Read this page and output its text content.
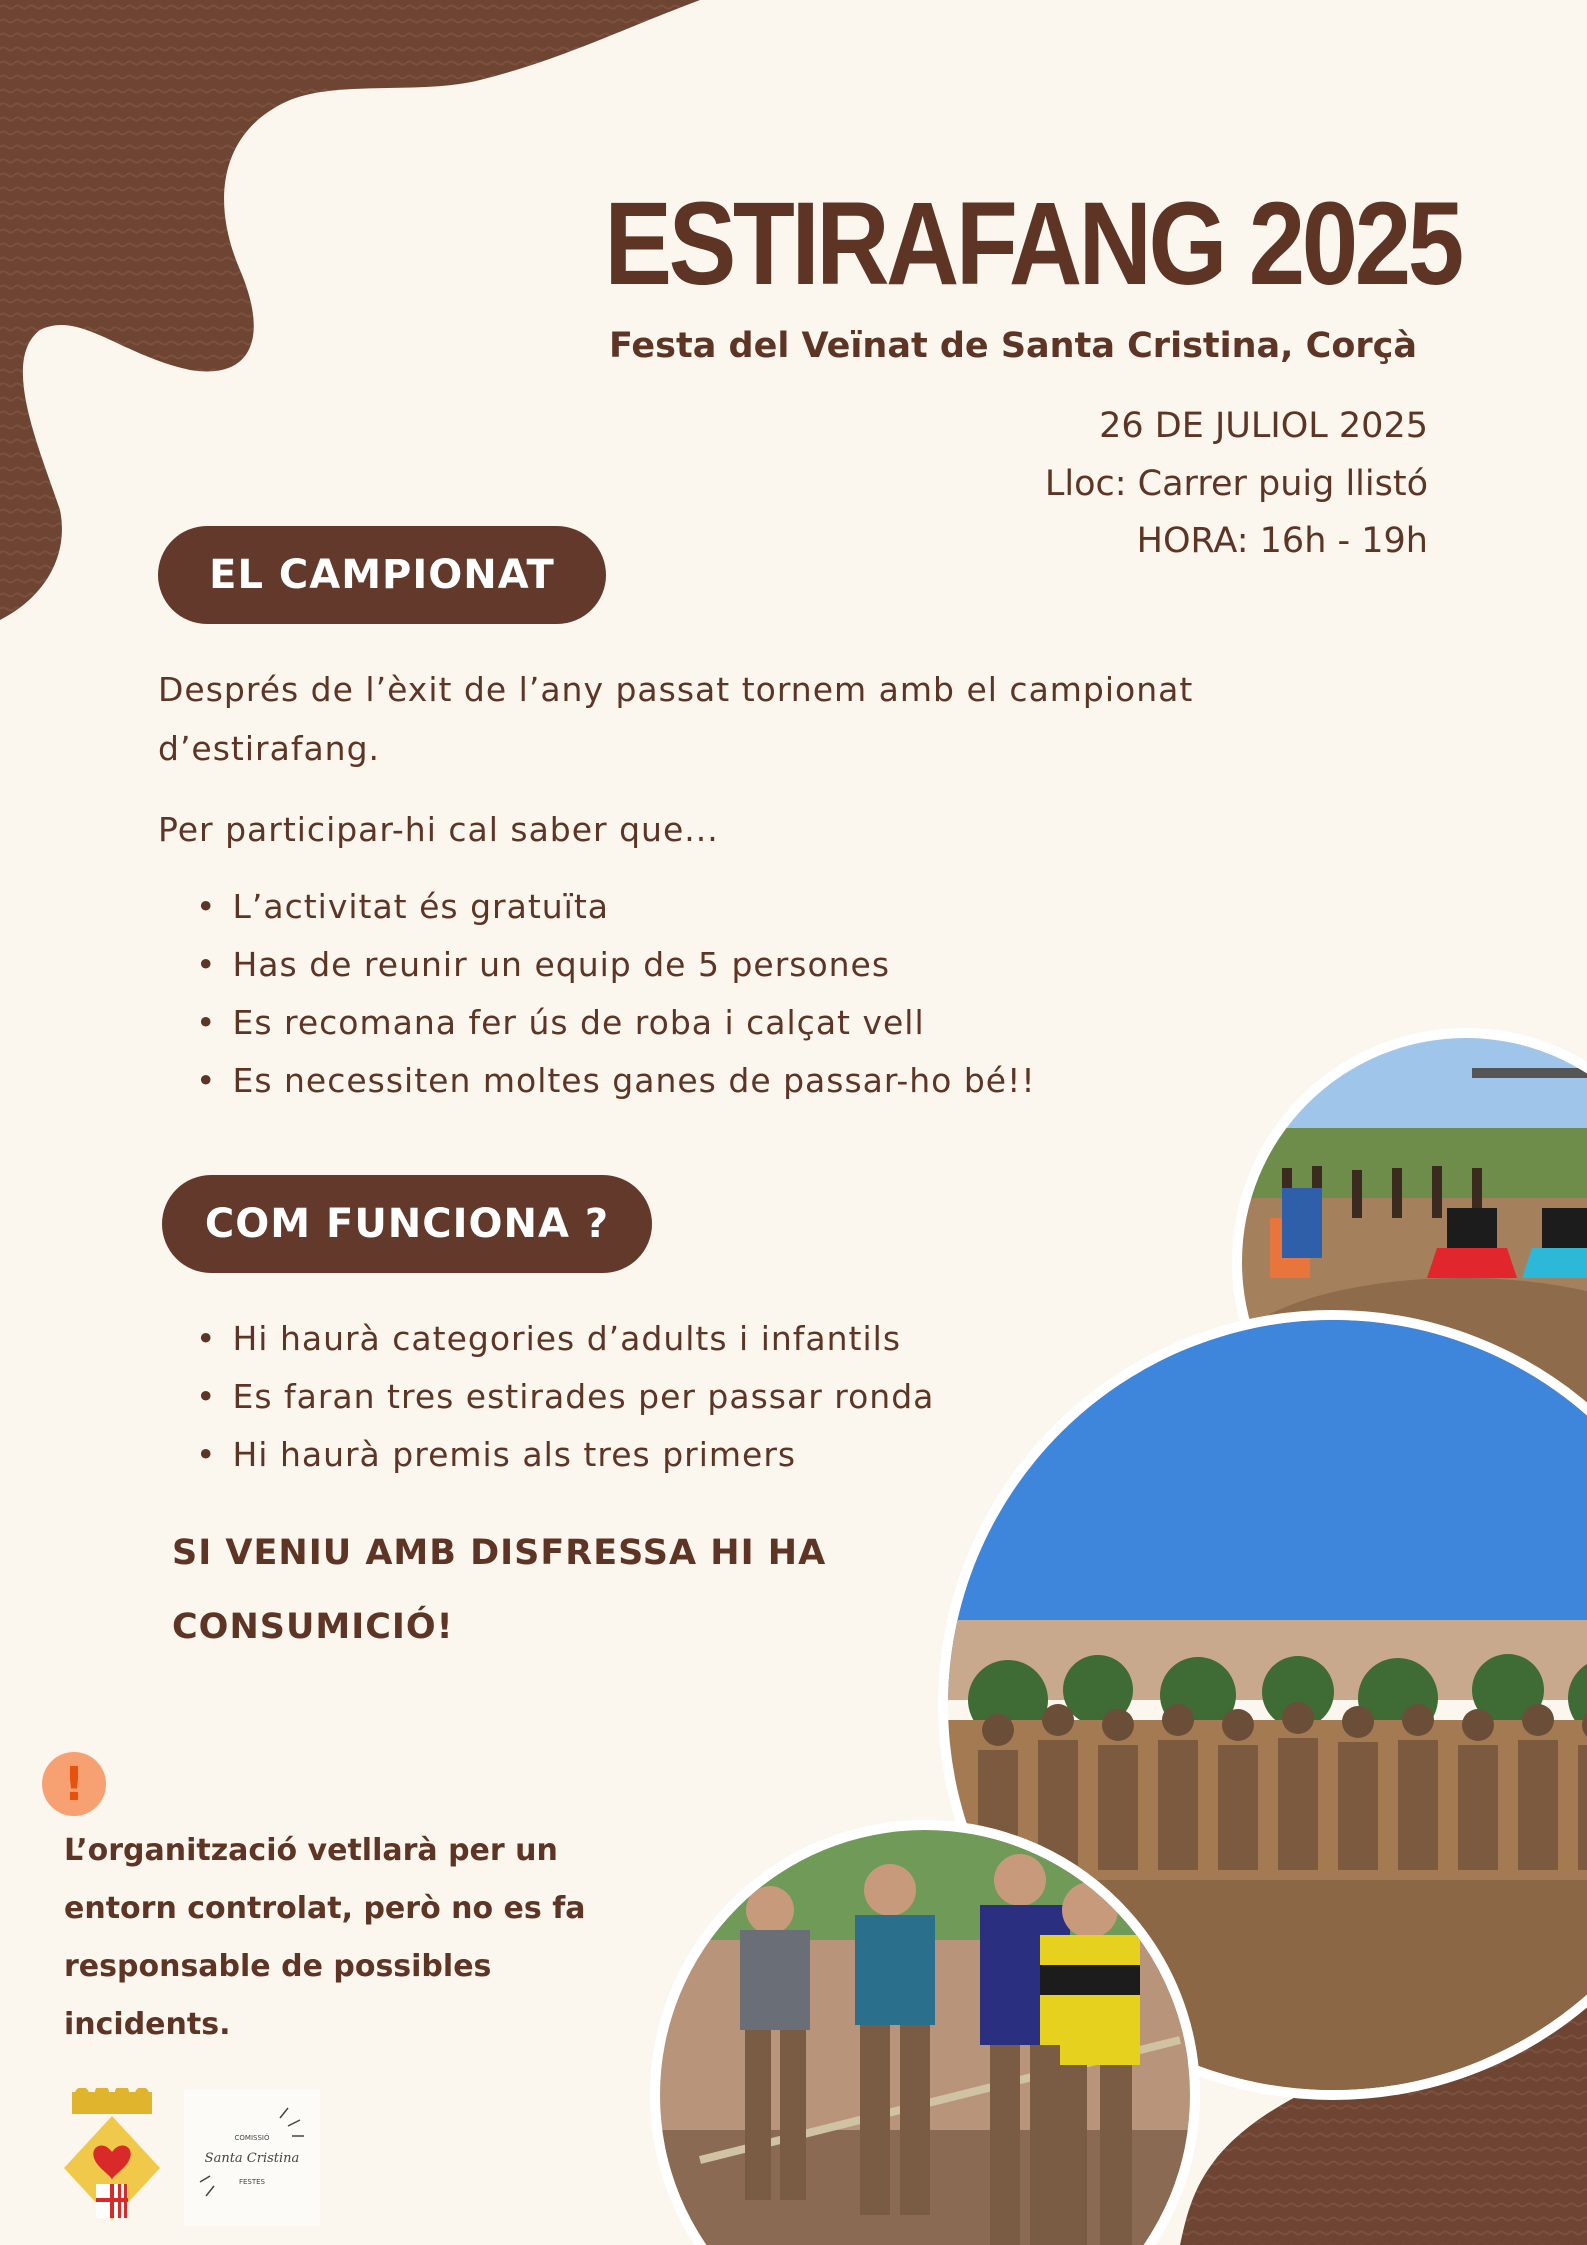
ESTIRAFANG 2025
Festa del Veïnat de Santa Cristina, Corçà
26 DE JULIOL 2025
Lloc: Carrer puig llistó
HORA: 16h - 19h
EL CAMPIONAT
Després de l’èxit de l’any passat tornem amb el campionat d’estirafang.
Per participar-hi cal saber que...
• L’activitat és gratuïta
• Has de reunir un equip de 5 persones
• Es recomana fer ús de roba i calçat vell
• Es necessiten moltes ganes de passar-ho bé!!
COM FUNCIONA ?
• Hi haurà categories d’adults i infantils
• Es faran tres estirades per passar ronda
• Hi haurà premis als tres primers
SI VENIU AMB DISFRESSA HI HA CONSUMICIÓ!
!
L’organització vetllarà per un entorn controlat, però no es fa responsable de possibles incidents.
COMISSIÓ
Santa Cristina
FESTES
